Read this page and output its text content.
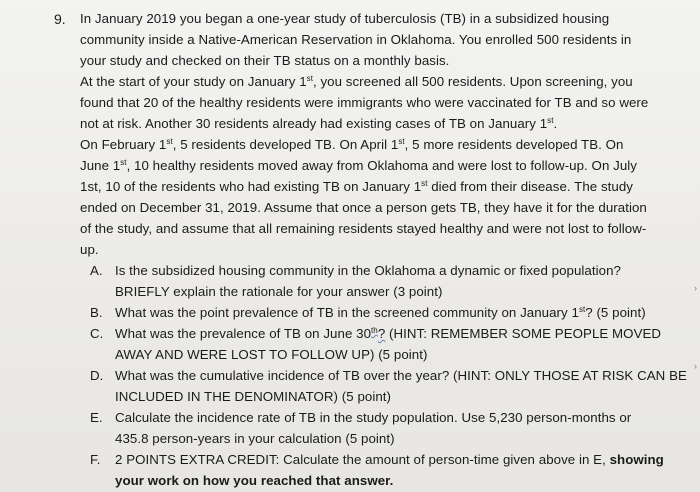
9. In January 2019 you began a one-year study of tuberculosis (TB) in a subsidized housing
community inside a Native-American Reservation in Oklahoma. You enrolled 500 residents in
your study and checked on their TB status on a monthly basis.
At the start of your study on January 1st, you screened all 500 residents. Upon screening, you
found that 20 of the healthy residents were immigrants who were vaccinated for TB and so were
not at risk. Another 30 residents already had existing cases of TB on January 1st.
On February 1st, 5 residents developed TB. On April 1st, 5 more residents developed TB. On
June 1st, 10 healthy residents moved away from Oklahoma and were lost to follow-up. On July
1st, 10 of the residents who had existing TB on January 1st died from their disease. The study
ended on December 31, 2019. Assume that once a person gets TB, they have it for the duration
of the study, and assume that all remaining residents stayed healthy and were not lost to follow-
up.
A. Is the subsidized housing community in the Oklahoma a dynamic or fixed population?
BRIEFLY explain the rationale for your answer (3 point)
B. What was the point prevalence of TB in the screened community on January 1st? (5 point)
C. What was the prevalence of TB on June 30th? (HINT: REMEMBER SOME PEOPLE MOVED
AWAY AND WERE LOST TO FOLLOW UP) (5 point)
D. What was the cumulative incidence of TB over the year? (HINT: ONLY THOSE AT RISK CAN BE
INCLUDED IN THE DENOMINATOR) (5 point)
E. Calculate the incidence rate of TB in the study population. Use 5,230 person-months or
435.8 person-years in your calculation (5 point)
F. 2 POINTS EXTRA CREDIT: Calculate the amount of person-time given above in E, showing
your work on how you reached that answer.
›
›
